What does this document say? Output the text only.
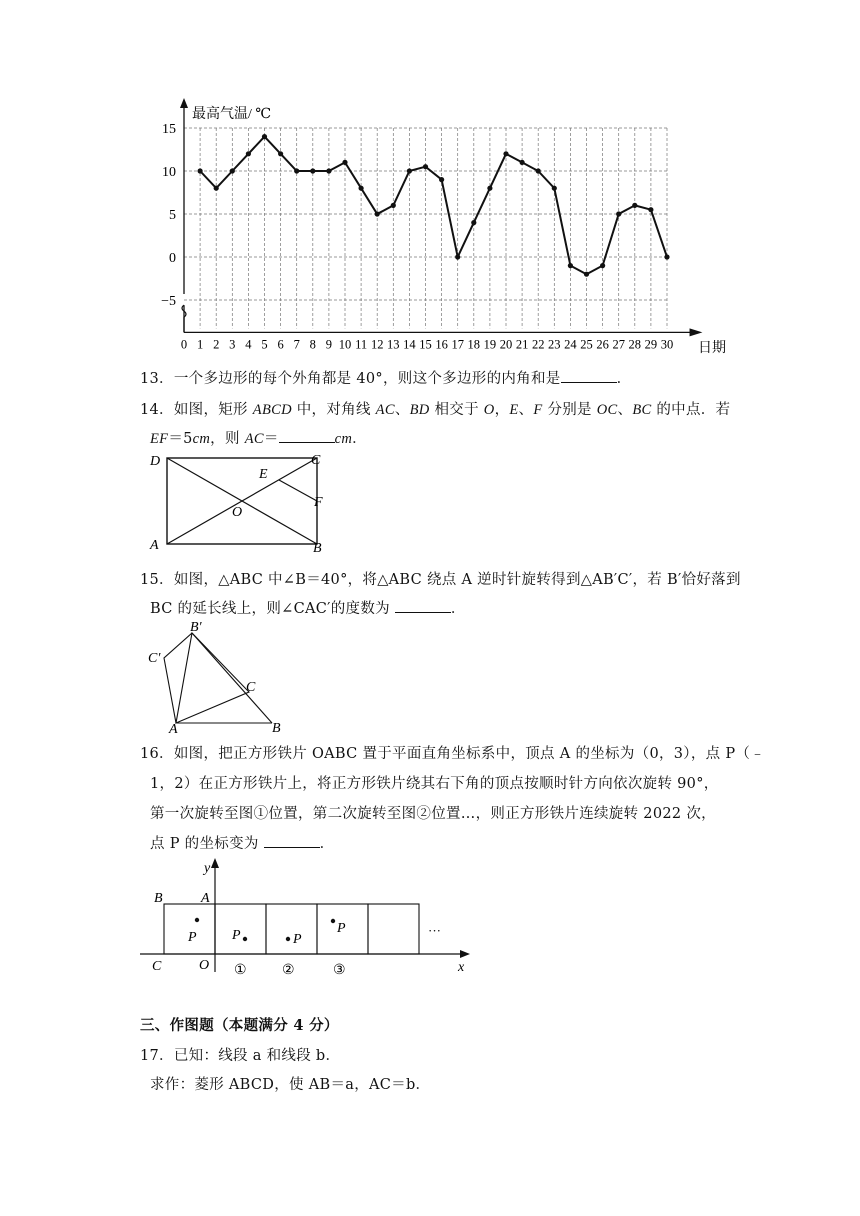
15
10
5
0
−5
0 1 2 3 4 5 6 7 8 9 10 11 12 13 14 15 16 17 18 19 20 21 22 23 24 25 26 27 28 29 30
最高气温/ ℃
日期
13．一个多边形的每个外角都是 40°，则这个多边形的内角和是	．
14．如图，矩形 ABCD 中，对角线 AC、BD 相交于 O，E、F 分别是 OC、BC 的中点．若
EF＝5cm，则 AC＝	cm．
D	C
E
F
O
A	B
15．如图，△ABC 中∠B＝40°，将△ABC 绕点 A 逆时针旋转得到△AB′C′，若 B′恰好落到
BC 的延长线上，则∠CAC′的度数为	．
B′
C′
C
A	B
16．如图，把正方形铁片 OABC 置于平面直角坐标系中，顶点 A 的坐标为（0，3），点 P（﹣
1，2）在正方形铁片上，将正方形铁片绕其右下角的顶点按顺时针方向依次旋转 90°，
第一次旋转至图①位置，第二次旋转至图②位置…，则正方形铁片连续旋转 2022 次，
点 P 的坐标变为	．
P	P	P
P
y
x
B	A
C	O ①	②	③
···
三、作图题（本题满分 4 分）
17．已知：线段 a 和线段 b．
求作：菱形 ABCD，使 AB＝a，AC＝b．
